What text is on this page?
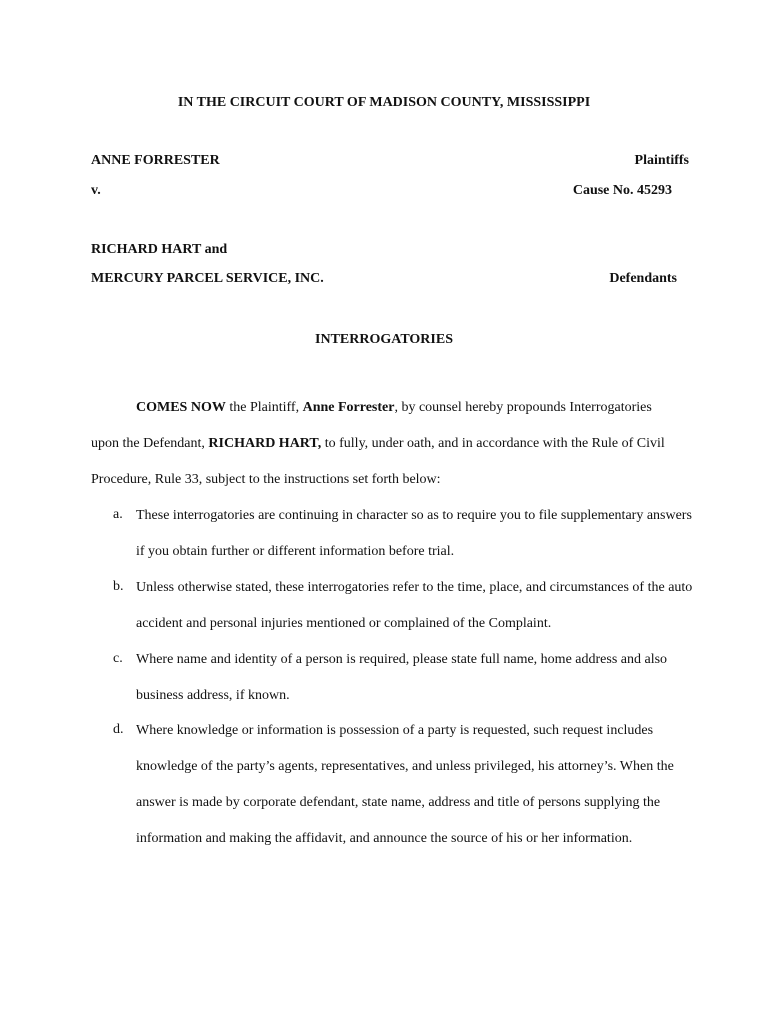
IN THE CIRCUIT COURT OF MADISON COUNTY, MISSISSIPPI
ANNE FORRESTER	Plaintiffs
v.	Cause No. 45293
RICHARD HART and
MERCURY PARCEL SERVICE, INC.	Defendants
INTERROGATORIES
COMES NOW the Plaintiff, Anne Forrester, by counsel hereby propounds Interrogatories upon the Defendant, RICHARD HART, to fully, under oath, and in accordance with the Rule of Civil Procedure, Rule 33, subject to the instructions set forth below:
a. These interrogatories are continuing in character so as to require you to file supplementary answers if you obtain further or different information before trial.
b. Unless otherwise stated, these interrogatories refer to the time, place, and circumstances of the auto accident and personal injuries mentioned or complained of the Complaint.
c. Where name and identity of a person is required, please state full name, home address and also business address, if known.
d. Where knowledge or information is possession of a party is requested, such request includes knowledge of the party’s agents, representatives, and unless privileged, his attorney’s. When the answer is made by corporate defendant, state name, address and title of persons supplying the information and making the affidavit, and announce the source of his or her information.
